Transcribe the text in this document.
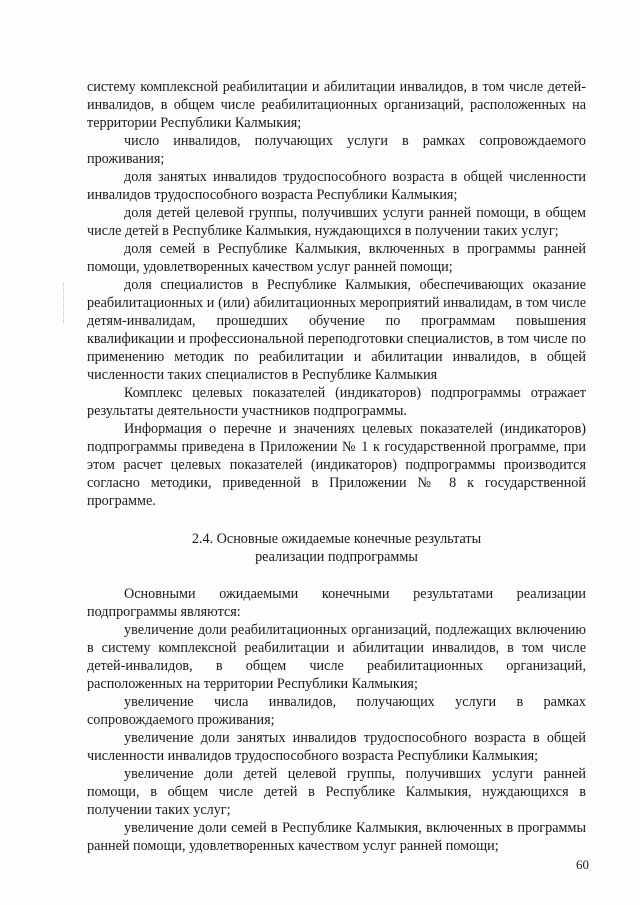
системy комплексной реабилитации и абилитации инвалидов, в том числе детей-инвалидов, в общем числе реабилитационных организаций, расположенных на территории Республики Калмыкия;

число инвалидов, получающих услуги в рамках сопровождаемого проживания;

доля занятых инвалидов трудоспособного возраста в общей численности инвалидов трудоспособного возраста Республики Калмыкия;

доля детей целевой группы, получивших услуги ранней помощи, в общем числе детей в Республике Калмыкия, нуждающихся в получении таких услуг;

доля семей в Республике Калмыкия, включенных в программы ранней помощи, удовлетворенных качеством услуг ранней помощи;

доля специалистов в Республике Калмыкия, обеспечивающих оказание реабилитационных и (или) абилитационных мероприятий инвалидам, в том числе детям-инвалидам, прошедших обучение по программам повышения квалификации и профессиональной переподготовки специалистов, в том числе по применению методик по реабилитации и абилитации инвалидов, в общей численности таких специалистов в Республике Калмыкия

Комплекс целевых показателей (индикаторов) подпрограммы отражает результаты деятельности участников подпрограммы.

Информация о перечне и значениях целевых показателей (индикаторов) подпрограммы приведена в Приложении № 1 к государственной программе, при этом расчет целевых показателей (индикаторов) подпрограммы производится согласно методики, приведенной в Приложении № 8 к государственной программе.

2.4. Основные ожидаемые конечные результаты

реализации подпрограммы

Основными ожидаемыми конечными результатами реализации подпрограммы являются:

увеличение доли реабилитационных организаций, подлежащих включению в систему комплексной реабилитации и абилитации инвалидов, в том числе детей-инвалидов, в общем числе реабилитационных организаций, расположенных на территории Республики Калмыкия;

увеличение числа инвалидов, получающих услуги в рамках сопровождаемого проживания;

увеличение доли занятых инвалидов трудоспособного возраста в общей численности инвалидов трудоспособного возраста Республики Калмыкия;

увеличение доли детей целевой группы, получивших услуги ранней помощи, в общем числе детей в Республике Калмыкия, нуждающихся в получении таких услуг;

увеличение доли семей в Республике Калмыкия, включенных в программы ранней помощи, удовлетворенных качеством услуг ранней помощи;

60
